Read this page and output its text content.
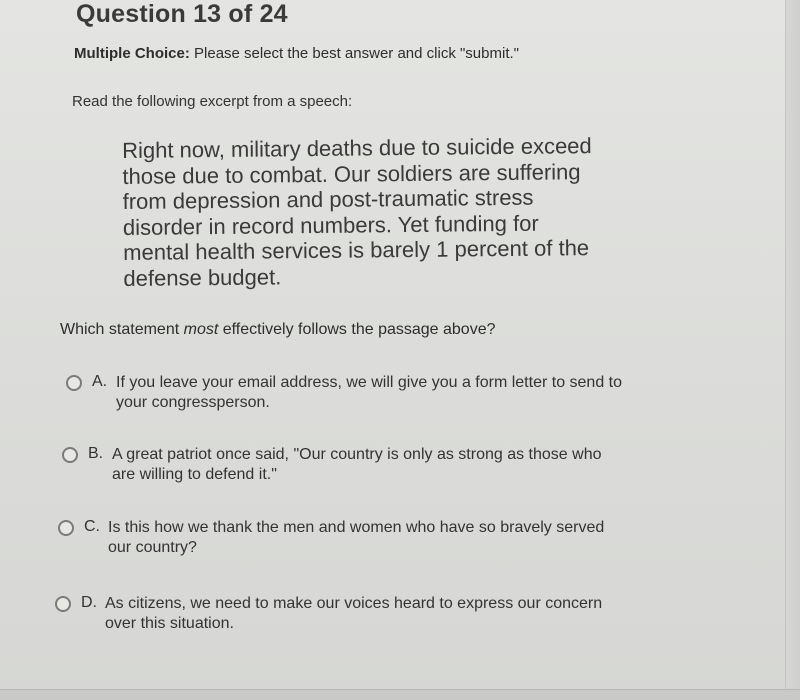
Question 13 of 24
Multiple Choice: Please select the best answer and click "submit."
Read the following excerpt from a speech:
Right now, military deaths due to suicide exceed
those due to combat. Our soldiers are suffering
from depression and post-traumatic stress
disorder in record numbers. Yet funding for
mental health services is barely 1 percent of the
defense budget.
Which statement most effectively follows the passage above?
A. If you leave your email address, we will give you a form letter to send to
your congressperson.
B. A great patriot once said, "Our country is only as strong as those who
are willing to defend it."
C. Is this how we thank the men and women who have so bravely served
our country?
D. As citizens, we need to make our voices heard to express our concern
over this situation.
